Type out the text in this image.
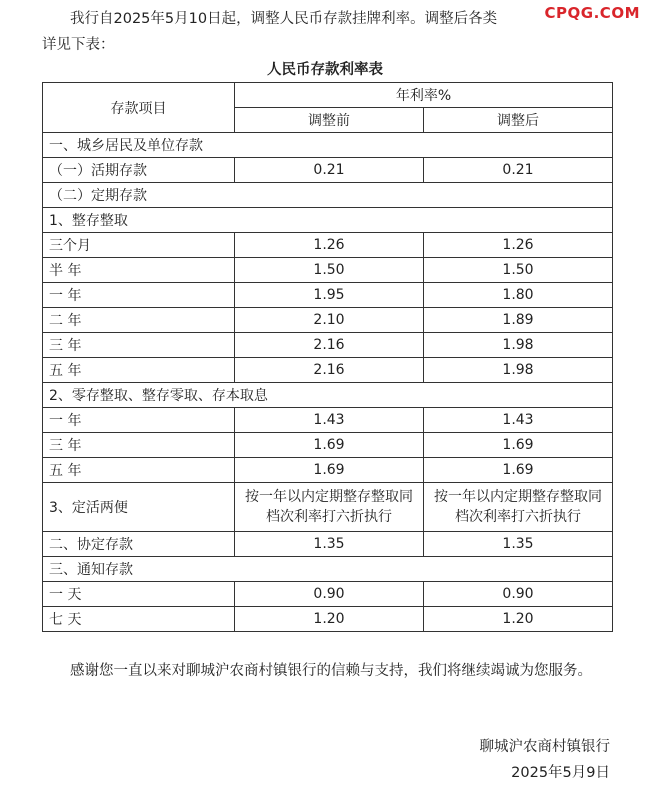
我行自2025年5月10日起，调整人民币存款挂牌利率。调整后各类
详见下表：
CPQG.COM
人民币存款利率表
存款项目	年利率%	
	调整前	调整后
一、城乡居民及单位存款		
（一）活期存款	0.21	0.21
（二）定期存款		
1、整存整取		
三个月	1.26	1.26
半 年	1.50	1.50
一 年	1.95	1.80
二 年	2.10	1.89
三 年	2.16	1.98
五 年	2.16	1.98
2、零存整取、整存零取、存本取息		
一 年	1.43	1.43
三 年	1.69	1.69
五 年	1.69	1.69
3、定活两便	按一年以内定期整存整取同档次利率打六折执行	按一年以内定期整存整取同档次利率打六折执行
二、协定存款	1.35	1.35
三、通知存款		
一 天	0.90	0.90
七 天	1.20	1.20
感谢您一直以来对聊城沪农商村镇银行的信赖与支持，我们将继续竭诚为您服务。
聊城沪农商村镇银行
2025年5月9日
